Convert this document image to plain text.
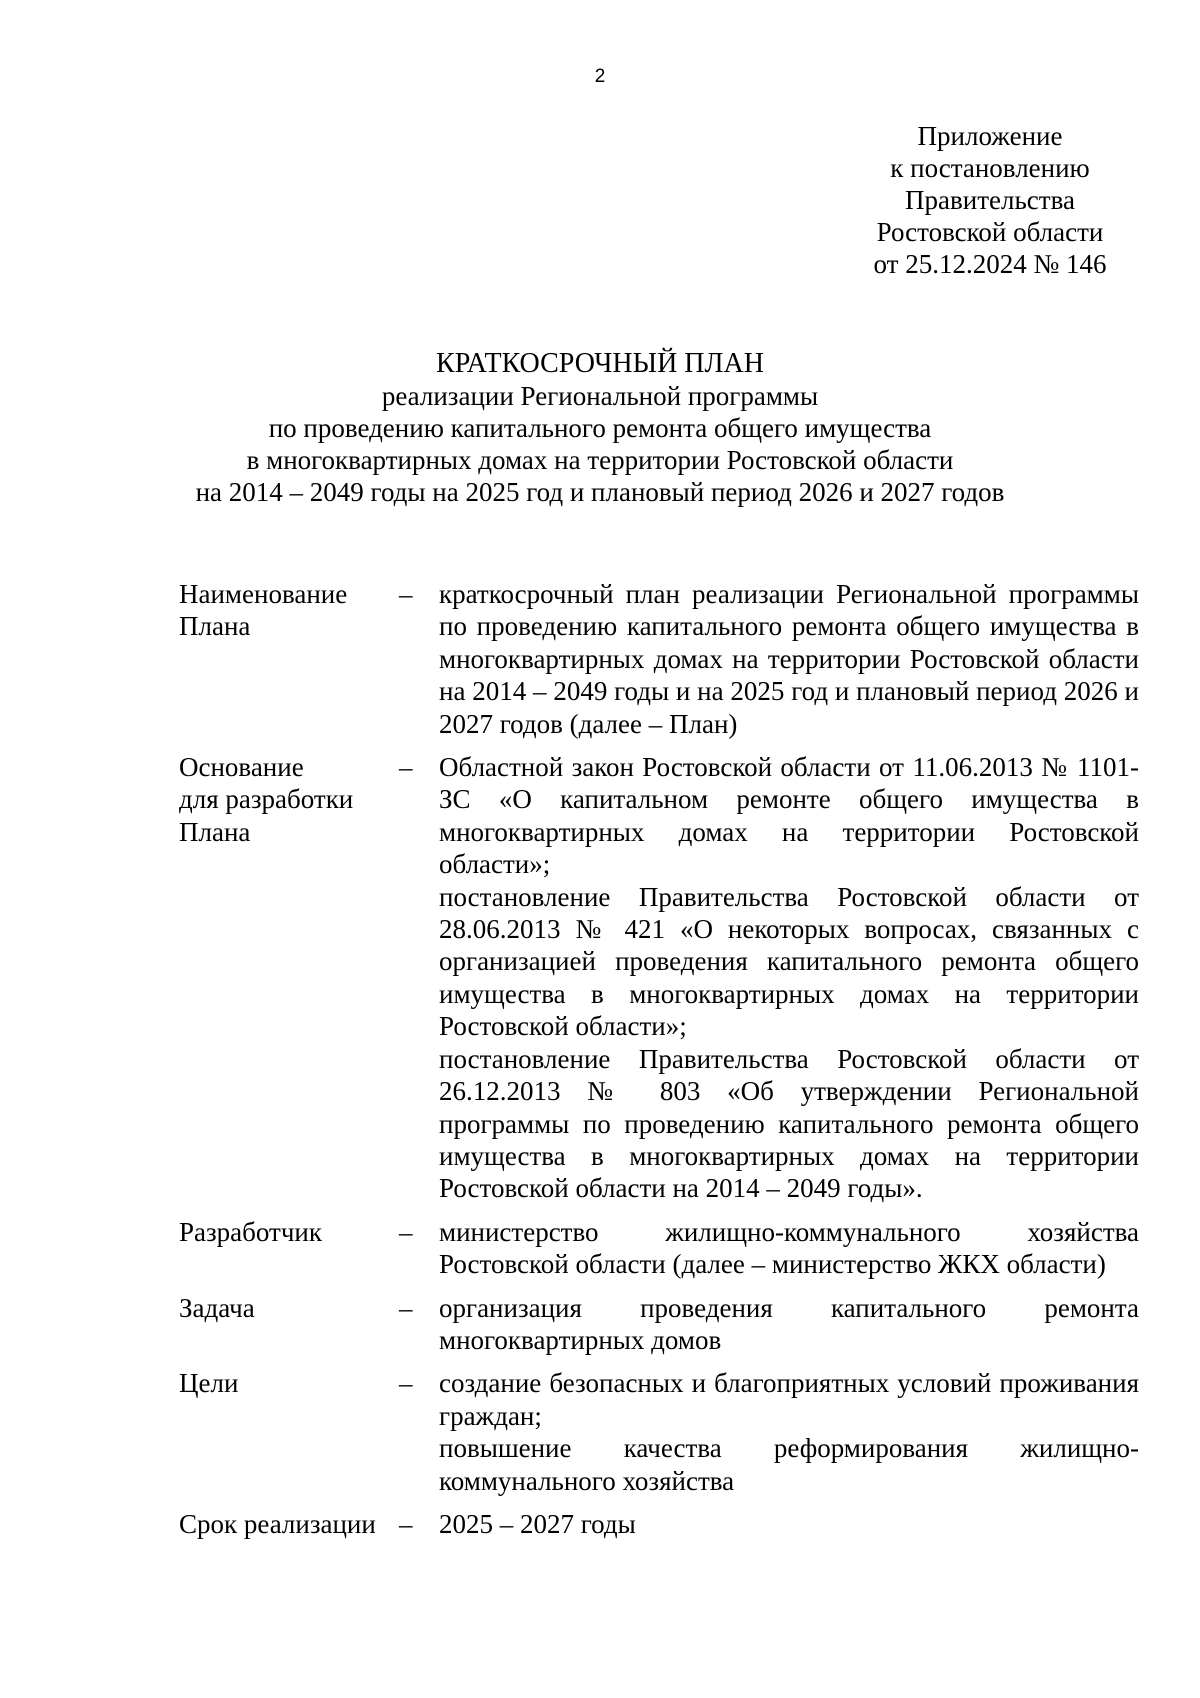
2
Приложение
к постановлению
Правительства
Ростовской области
от 25.12.2024 № 146
КРАТКОСРОЧНЫЙ ПЛАН
реализации Региональной программы
по проведению капитального ремонта общего имущества
в многоквартирных домах на территории Ростовской области
на 2014 – 2049 годы на 2025 год и плановый период 2026 и 2027 годов
Наименование
Плана
– краткосрочный план реализации Региональной программы по проведению капитального ремонта общего имущества в многоквартирных домах на территории Ростовской области на 2014 – 2049 годы и на 2025 год и плановый период 2026 и 2027 годов (далее – План)
Основание
для разработки
Плана
– Областной закон Ростовской области от 11.06.2013 № 1101-ЗС «О капитальном ремонте общего имущества в многоквартирных домах на территории Ростовской области»;
постановление Правительства Ростовской области от 28.06.2013 № 421 «О некоторых вопросах, связанных с организацией проведения капитального ремонта общего имущества в многоквартирных домах на территории Ростовской области»;
постановление Правительства Ростовской области от 26.12.2013 № 803 «Об утверждении Региональной программы по проведению капитального ремонта общего имущества в многоквартирных домах на территории Ростовской области на 2014 – 2049 годы».
Разработчик	– министерство жилищно-коммунального хозяйства Ростовской области (далее – министерство ЖКХ области)
Задача	– организация проведения капитального ремонта многоквартирных домов
Цели	– создание безопасных и благоприятных условий проживания граждан;
повышение качества реформирования жилищно-коммунального хозяйства
Срок реализации – 2025 – 2027 годы
